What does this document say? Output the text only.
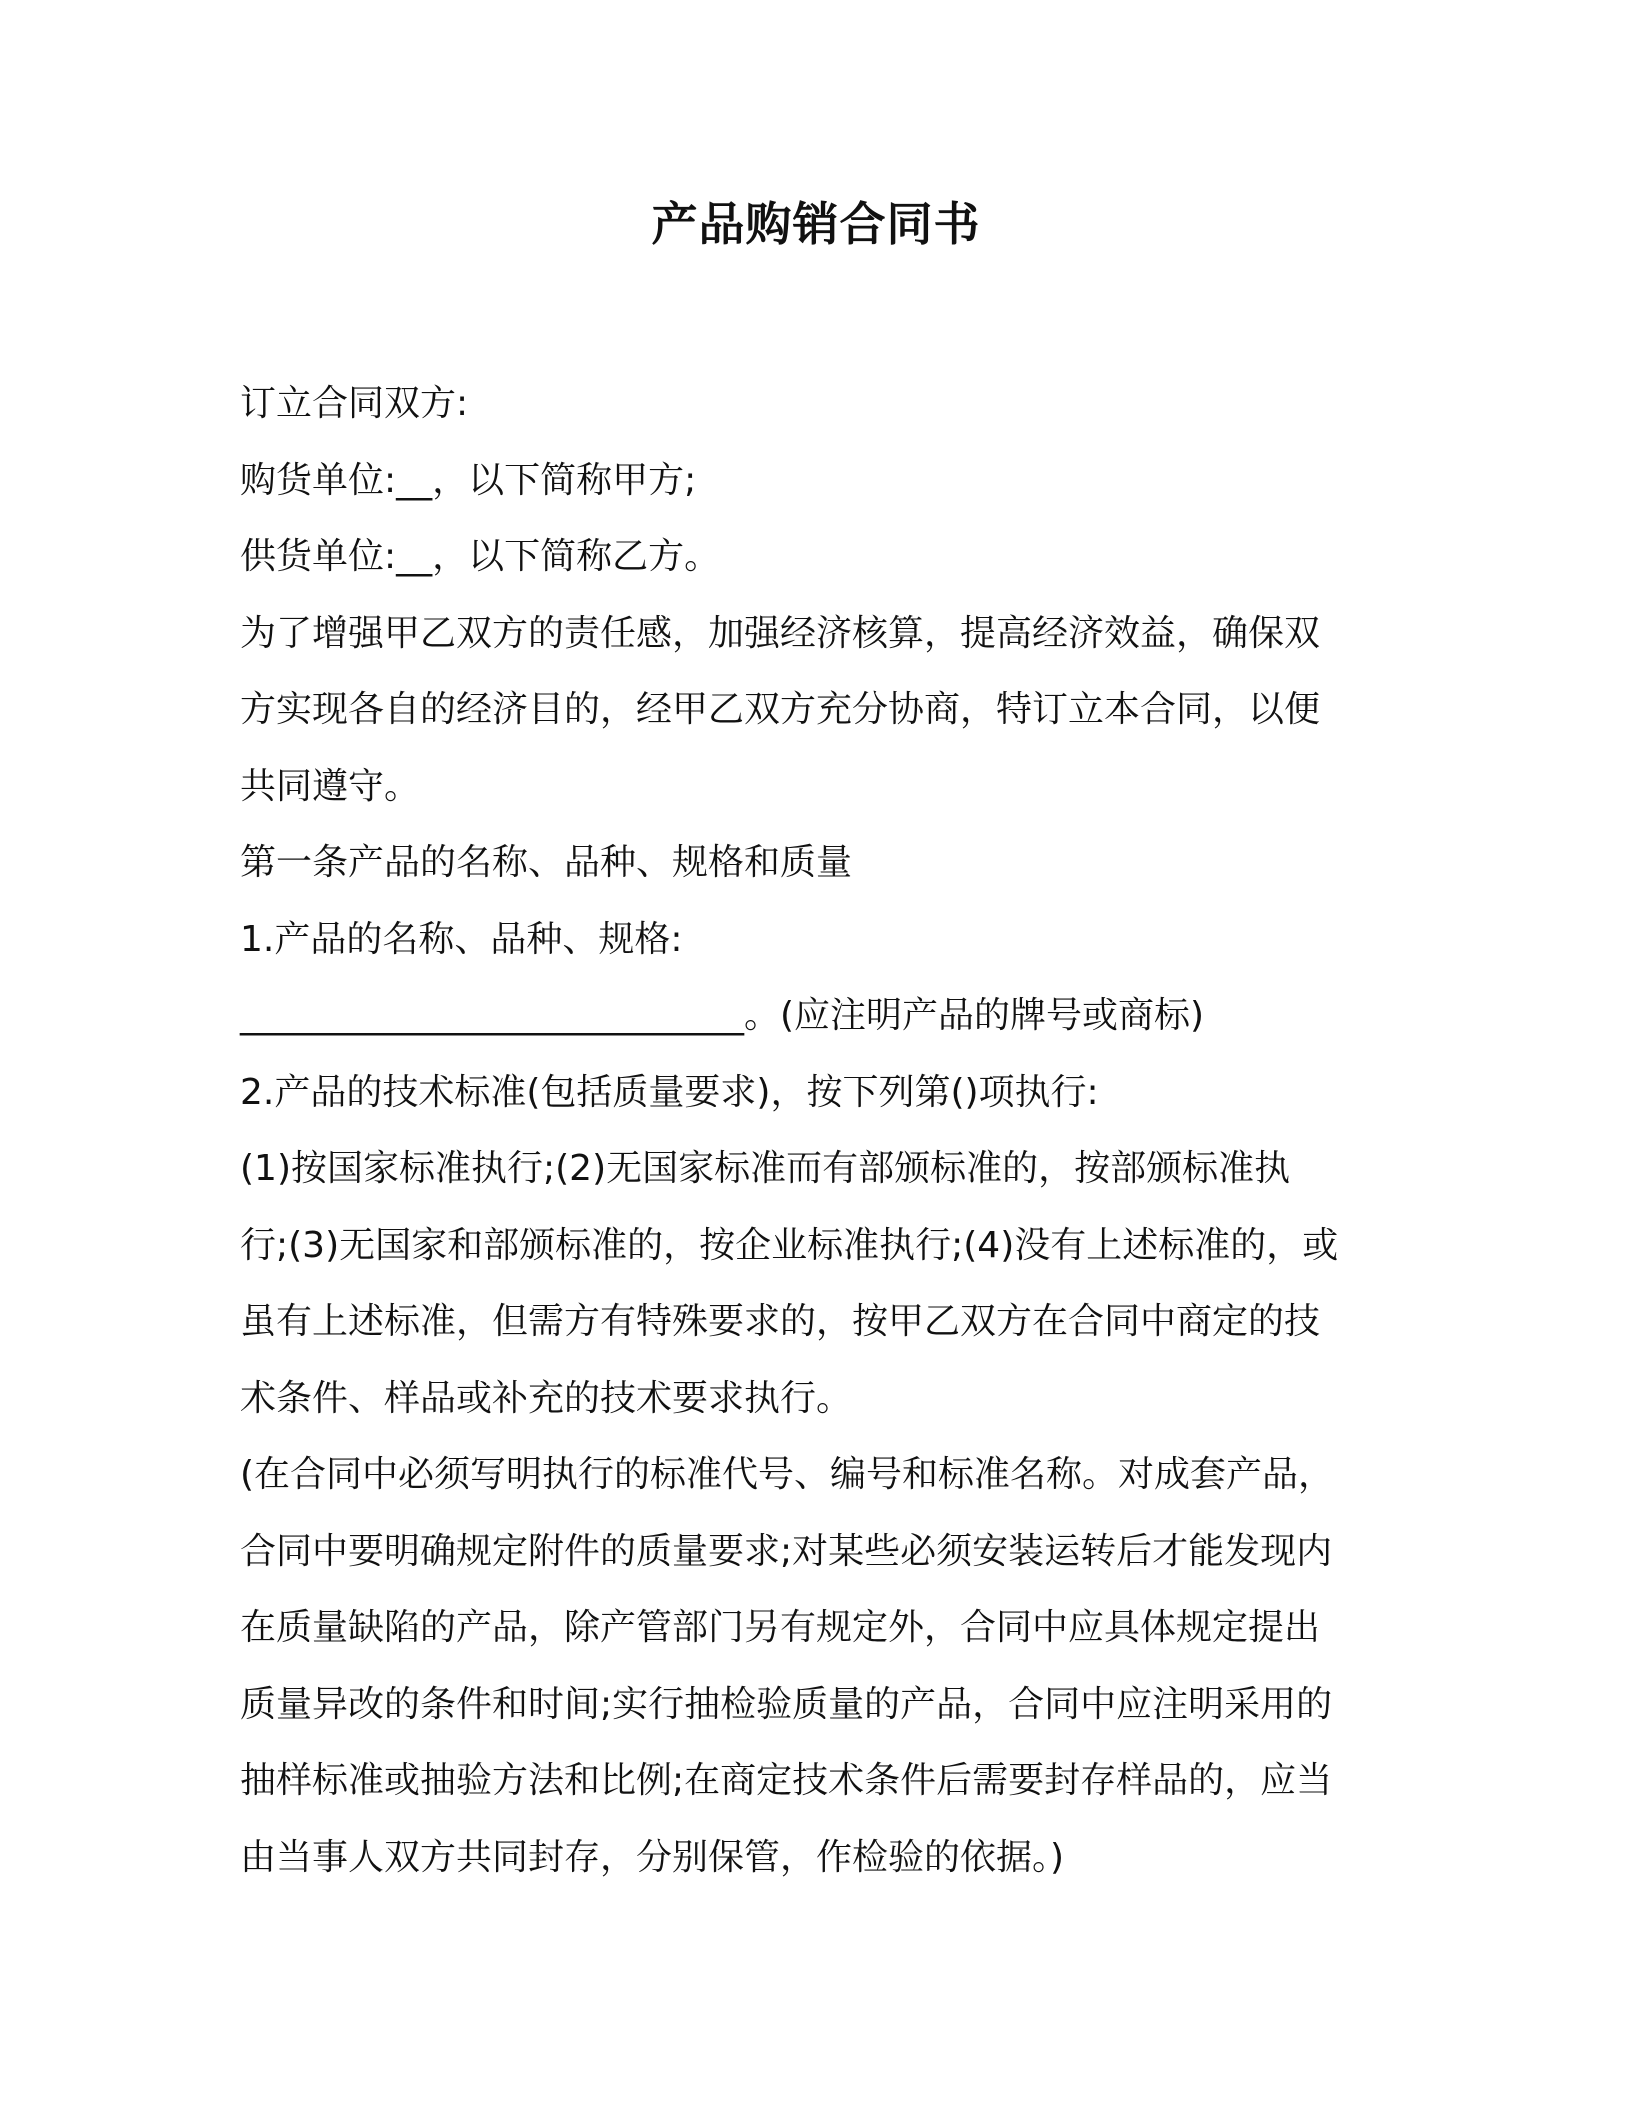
产品购销合同书
订立合同双方:
购货单位:__，以下简称甲方;
供货单位:__，以下简称乙方。
为了增强甲乙双方的责任感，加强经济核算，提高经济效益，确保双
方实现各自的经济目的，经甲乙双方充分协商，特订立本合同，以便
共同遵守。
第一条产品的名称、品种、规格和质量
1.产品的名称、品种、规格:
____________________________。(应注明产品的牌号或商标)
2.产品的技术标准(包括质量要求)，按下列第()项执行:
(1)按国家标准执行;(2)无国家标准而有部颁标准的，按部颁标准执
行;(3)无国家和部颁标准的，按企业标准执行;(4)没有上述标准的，或
虽有上述标准，但需方有特殊要求的，按甲乙双方在合同中商定的技
术条件、样品或补充的技术要求执行。
(在合同中必须写明执行的标准代号、编号和标准名称。对成套产品，
合同中要明确规定附件的质量要求;对某些必须安装运转后才能发现内
在质量缺陷的产品，除产管部门另有规定外，合同中应具体规定提出
质量异改的条件和时间;实行抽检验质量的产品，合同中应注明采用的
抽样标准或抽验方法和比例;在商定技术条件后需要封存样品的，应当
由当事人双方共同封存，分别保管，作检验的依据。)
